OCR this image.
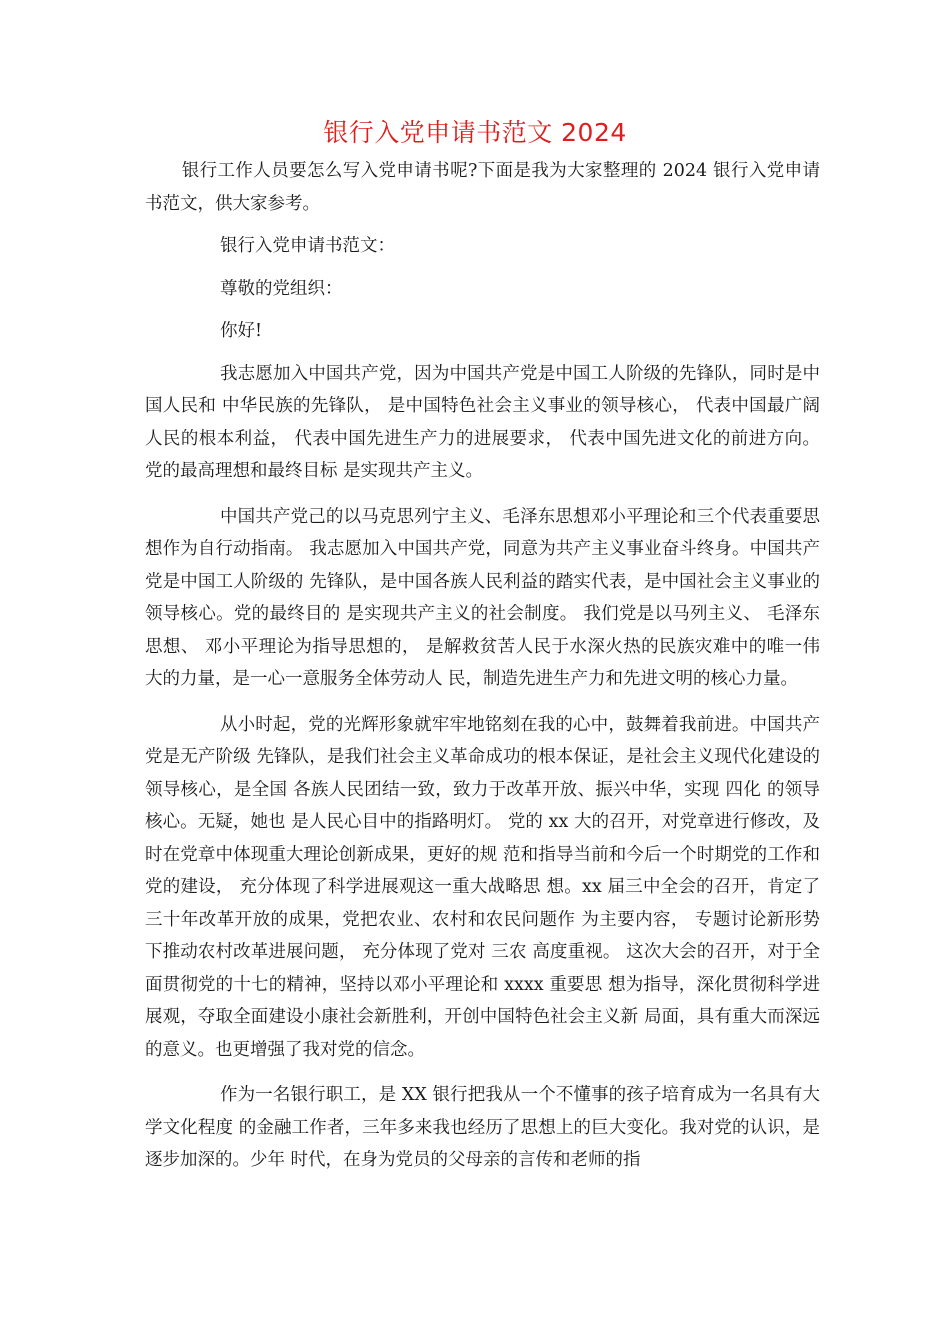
银行入党申请书范文 2024

银行工作人员要怎么写入党申请书呢?下面是我为大家整理的 2024 银行入党申请书范文，供大家参考。

银行入党申请书范文：

尊敬的党组织：

你好!

我志愿加入中国共产党，因为中国共产党是中国工人阶级的先锋队，同时是中国人民和 中华民族的先锋队， 是中国特色社会主义事业的领导核心， 代表中国最广阔人民的根本利益， 代表中国先进生产力的进展要求， 代表中国先进文化的前进方向。 党的最高理想和最终目标 是实现共产主义。

中国共产党己的以马克思列宁主义、毛泽东思想邓小平理论和三个代表重要思想作为自行动指南。 我志愿加入中国共产党，同意为共产主义事业奋斗终身。中国共产党是中国工人阶级的 先锋队，是中国各族人民利益的踏实代表，是中国社会主义事业的领导核心。党的最终目的 是实现共产主义的社会制度。 我们党是以马列主义、 毛泽东思想、 邓小平理论为指导思想的， 是解救贫苦人民于水深火热的民族灾难中的唯一伟大的力量，是一心一意服务全体劳动人 民，制造先进生产力和先进文明的核心力量。

从小时起，党的光辉形象就牢牢地铭刻在我的心中，鼓舞着我前进。中国共产党是无产阶级 先锋队，是我们社会主义革命成功的根本保证，是社会主义现代化建设的领导核心，是全国 各族人民团结一致，致力于改革开放、振兴中华，实现 四化 的领导核心。无疑，她也 是人民心目中的指路明灯。 党的 xx 大的召开，对党章进行修改，及时在党章中体现重大理论创新成果，更好的规 范和指导当前和今后一个时期党的工作和党的建设， 充分体现了科学进展观这一重大战略思 想。xx 届三中全会的召开，肯定了三十年改革开放的成果，党把农业、农村和农民问题作 为主要内容， 专题讨论新形势下推动农村改革进展问题， 充分体现了党对 三农 高度重视。 这次大会的召开，对于全面贯彻党的十七的精神，坚持以邓小平理论和 xxxx 重要思 想为指导，深化贯彻科学进展观，夺取全面建设小康社会新胜利，开创中国特色社会主义新 局面，具有重大而深远的意义。也更增强了我对党的信念。

作为一名银行职工，是 XX 银行把我从一个不懂事的孩子培育成为一名具有大学文化程度 的金融工作者，三年多来我也经历了思想上的巨大变化。我对党的认识，是逐步加深的。少年 时代，在身为党员的父母亲的言传和老师的指
